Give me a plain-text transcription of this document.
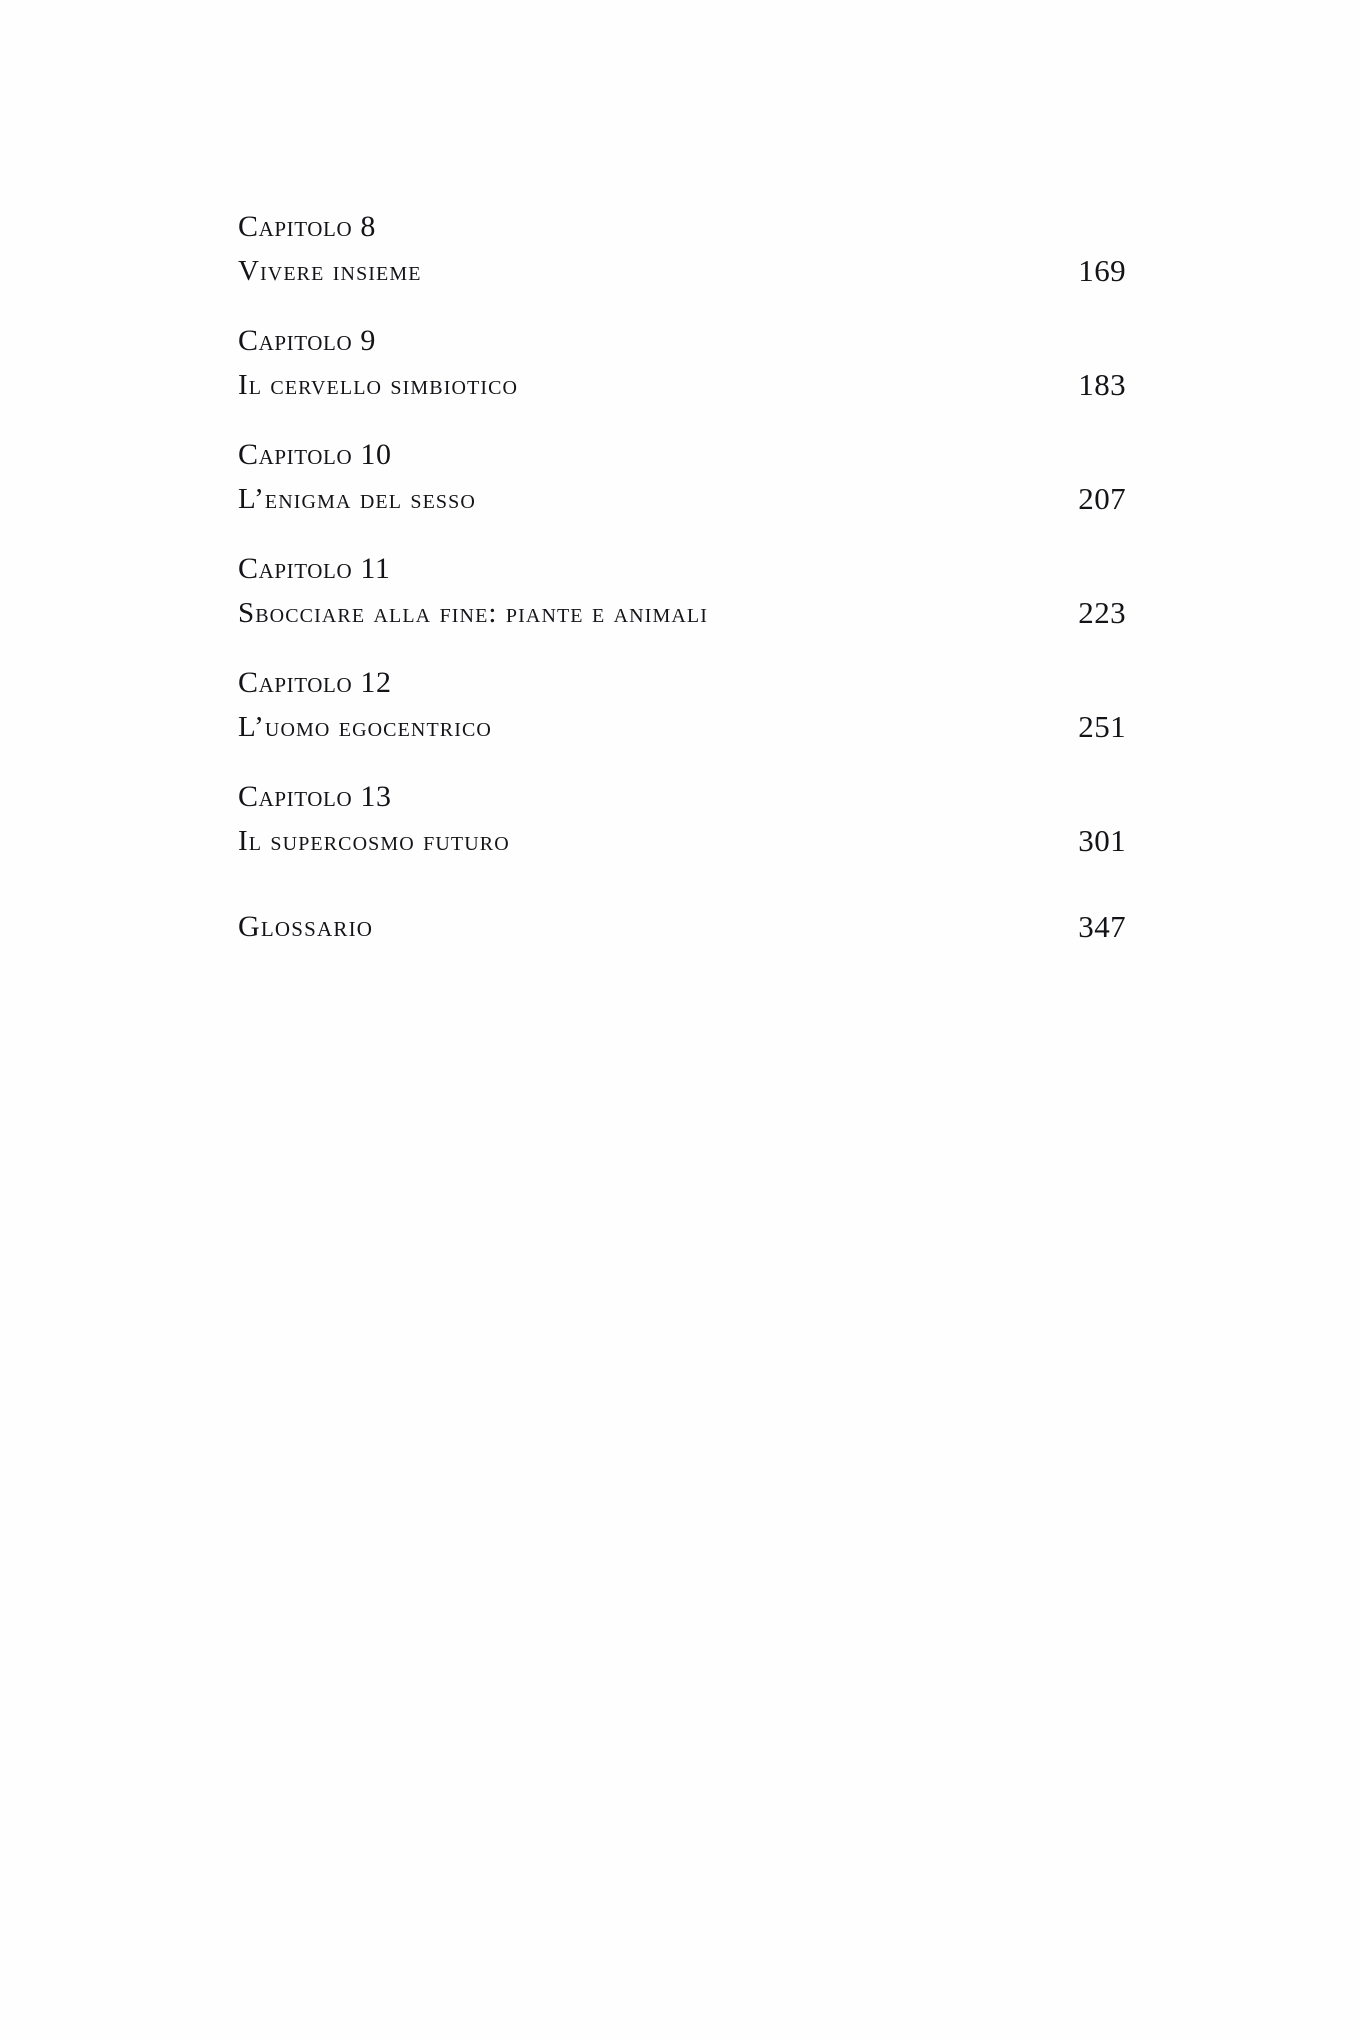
Capitolo 8
Vivere insieme	169
Capitolo 9
Il cervello simbiotico	183
Capitolo 10
L’enigma del sesso	207
Capitolo 11
Sbocciare alla fine: piante e animali	223
Capitolo 12
L’uomo egocentrico	251
Capitolo 13
Il supercosmo futuro	301
Glossario	347
